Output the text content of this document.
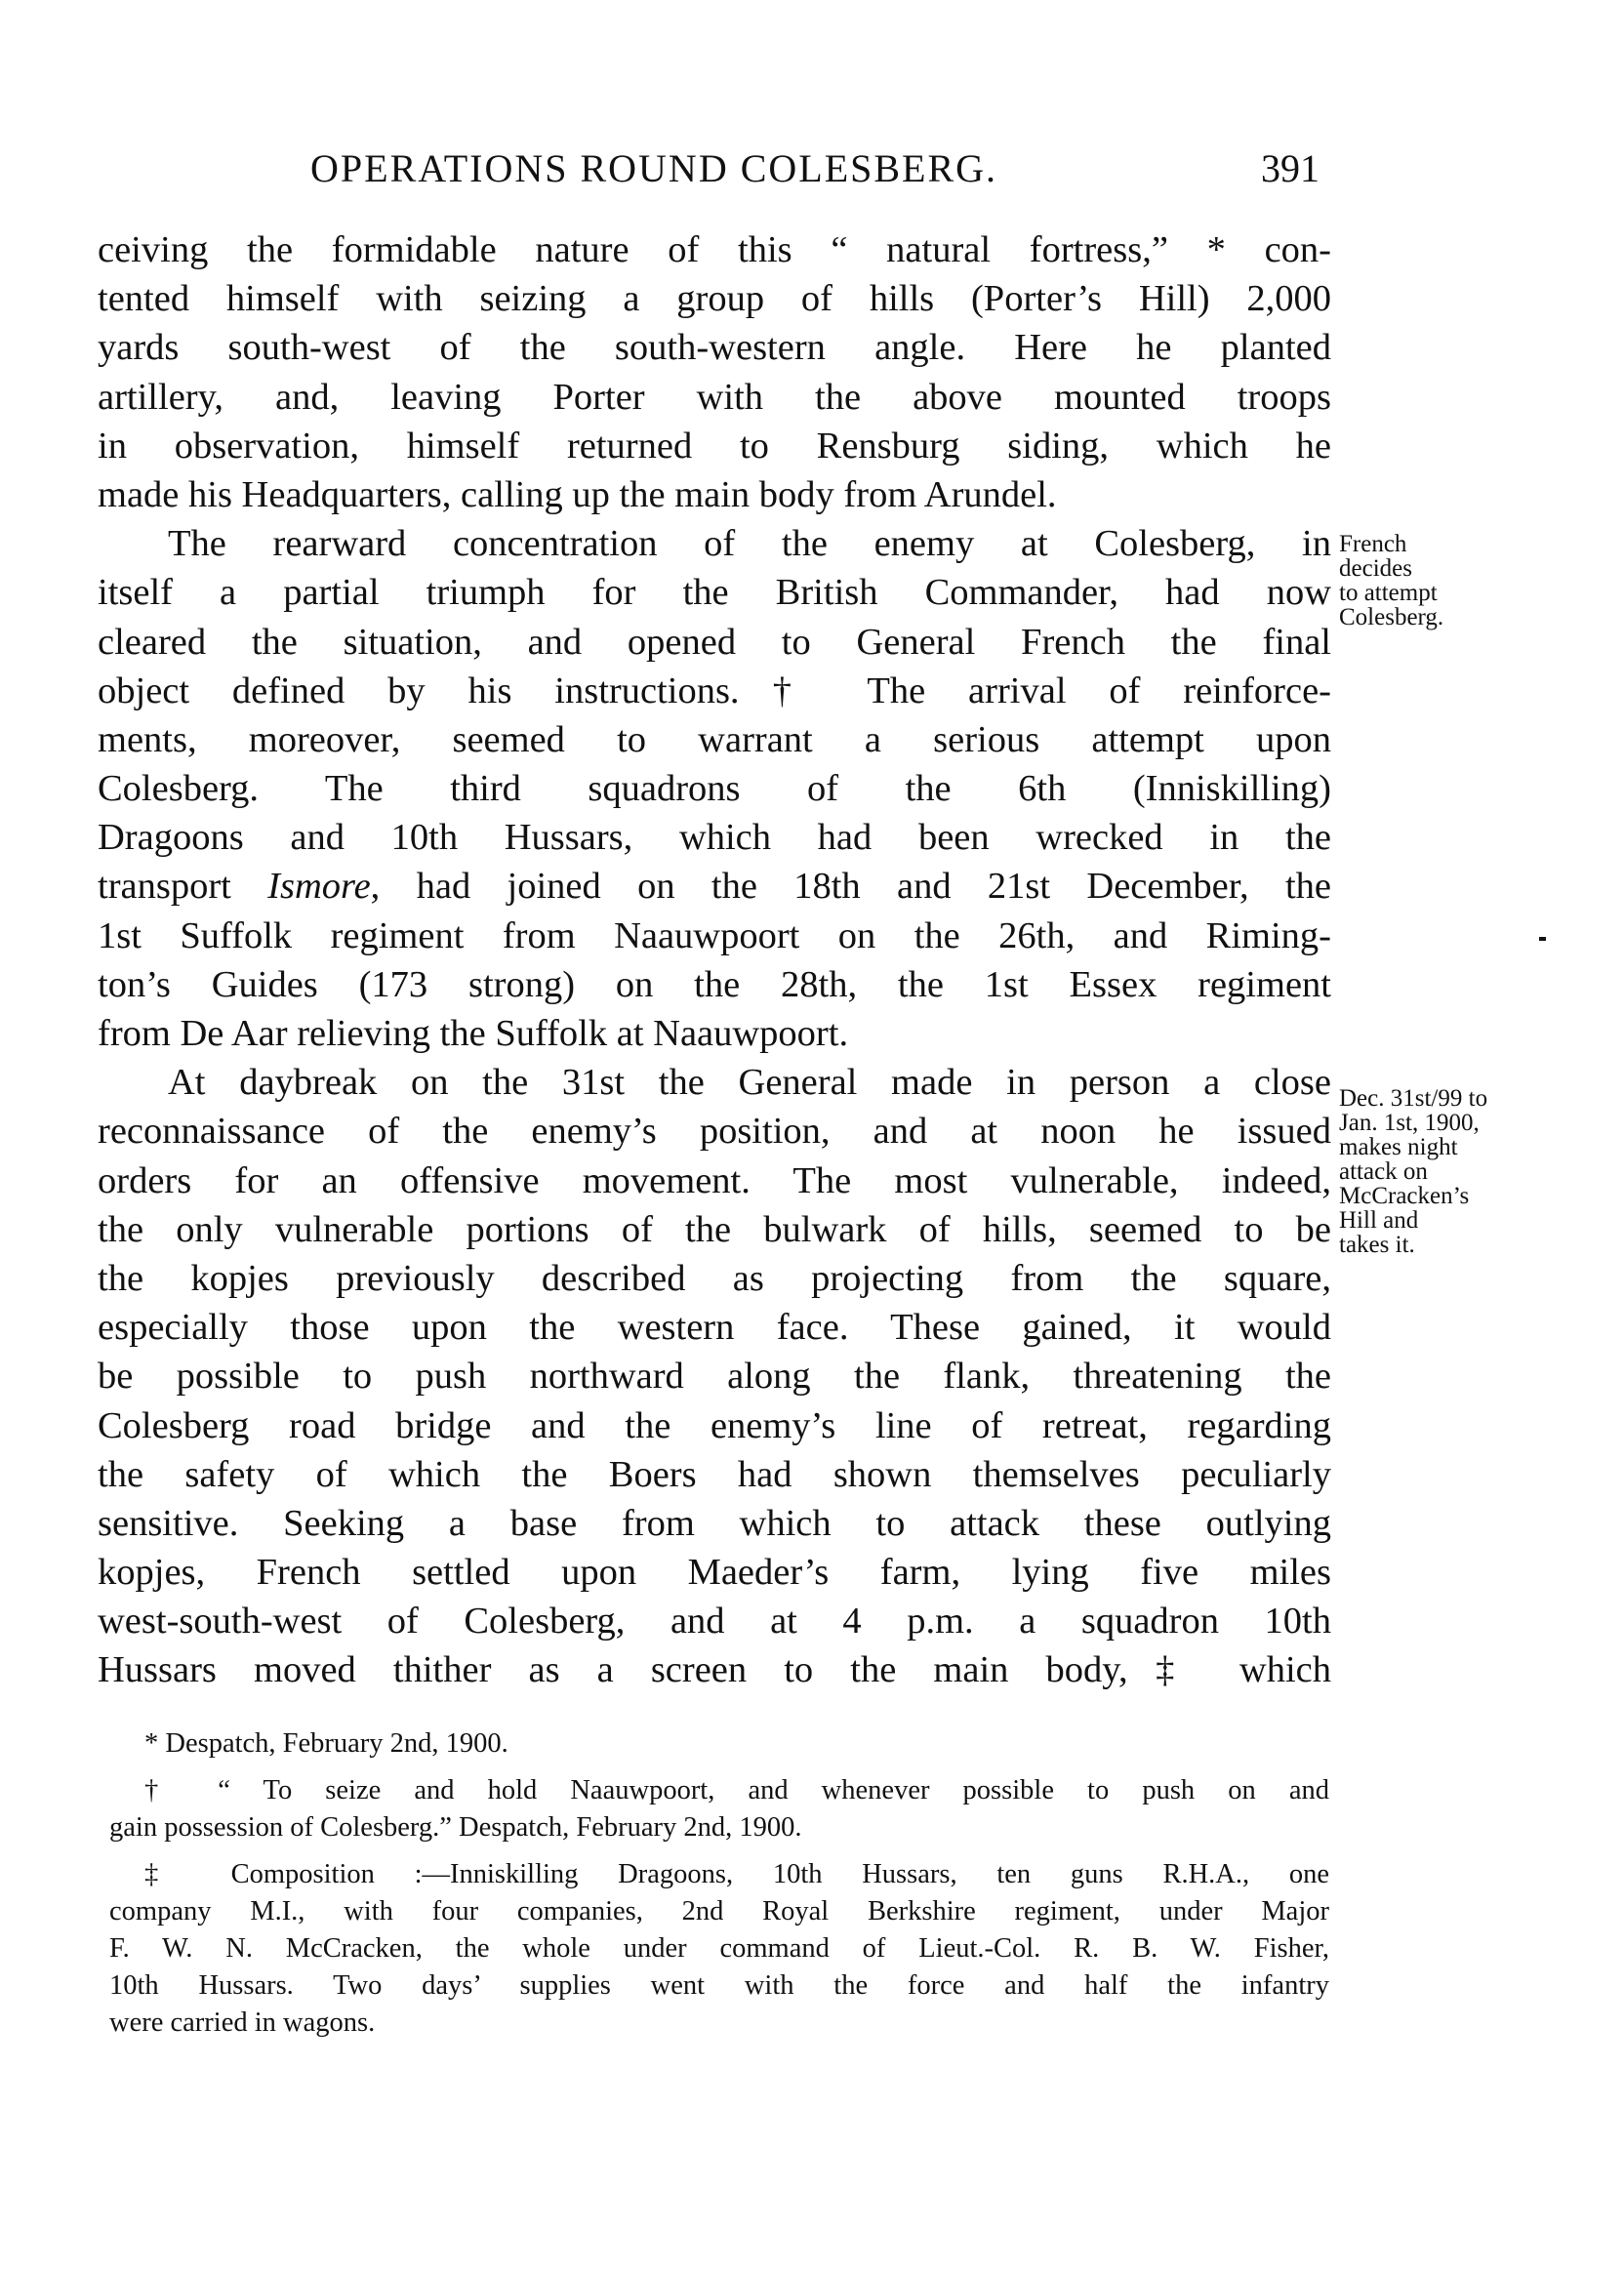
OPERATIONS ROUND COLESBERG.	391
ceiving the formidable nature of this “ natural fortress,” * con-
tented himself with seizing a group of hills (Porter’s Hill) 2,000
yards south-west of the south-western angle. Here he planted
artillery, and, leaving Porter with the above mounted troops
in observation, himself returned to Rensburg siding, which he
made his Headquarters, calling up the main body from Arundel.
The rearward concentration of the enemy at Colesberg, in
itself a partial triumph for the British Commander, had now
cleared the situation, and opened to General French the final
object defined by his instructions.† The arrival of reinforce-
ments, moreover, seemed to warrant a serious attempt upon
Colesberg. The third squadrons of the 6th (Inniskilling)
Dragoons and 10th Hussars, which had been wrecked in the
transport Ismore, had joined on the 18th and 21st December, the
1st Suffolk regiment from Naauwpoort on the 26th, and Riming-
ton’s Guides (173 strong) on the 28th, the 1st Essex regiment
from De Aar relieving the Suffolk at Naauwpoort.
At daybreak on the 31st the General made in person a close
reconnaissance of the enemy’s position, and at noon he issued
orders for an offensive movement. The most vulnerable, indeed,
the only vulnerable portions of the bulwark of hills, seemed to be
the kopjes previously described as projecting from the square,
especially those upon the western face. These gained, it would
be possible to push northward along the flank, threatening the
Colesberg road bridge and the enemy’s line of retreat, regarding
the safety of which the Boers had shown themselves peculiarly
sensitive. Seeking a base from which to attack these outlying
kopjes, French settled upon Maeder’s farm, lying five miles
west-south-west of Colesberg, and at 4 p.m. a squadron 10th
Hussars moved thither as a screen to the main body,‡ which
French
decides
to attempt
Colesberg.
Dec. 31st/99 to
Jan. 1st, 1900,
makes night
attack on
McCracken’s
Hill and
takes it.
* Despatch, February 2nd, 1900.
† “ To seize and hold Naauwpoort, and whenever possible to push on and
gain possession of Colesberg.” Despatch, February 2nd, 1900.
‡ Composition :—Inniskilling Dragoons, 10th Hussars, ten guns R.H.A., one
company M.I., with four companies, 2nd Royal Berkshire regiment, under Major
F. W. N. McCracken, the whole under command of Lieut.-Col. R. B. W. Fisher,
10th Hussars. Two days’ supplies went with the force and half the infantry
were carried in wagons.
